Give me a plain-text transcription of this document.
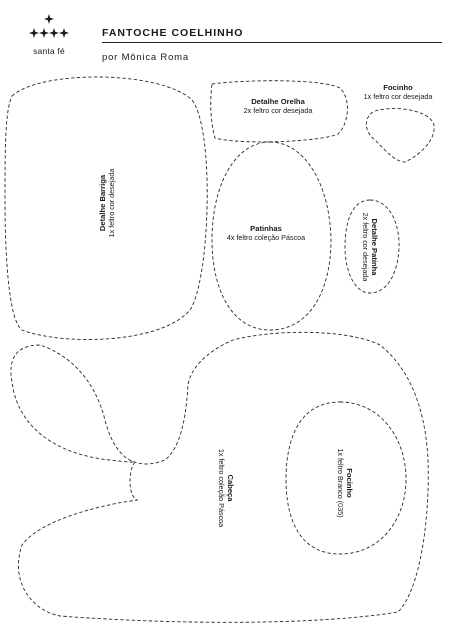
santa fé
FANTOCHE COELHINHO
por Mônica Roma
Detalhe Barriga 1x feltro cor desejada
Detalhe Orelha
2x feltro cor desejada
Focinho
1x feltro cor desejada
Patinhas
4x feltro coleção Páscoa	Detalhe Patinha
2x feltro cor desejada
Cabeça
1x feltro coleção Páscoa	Focinho
1x feltro Branco (035)
